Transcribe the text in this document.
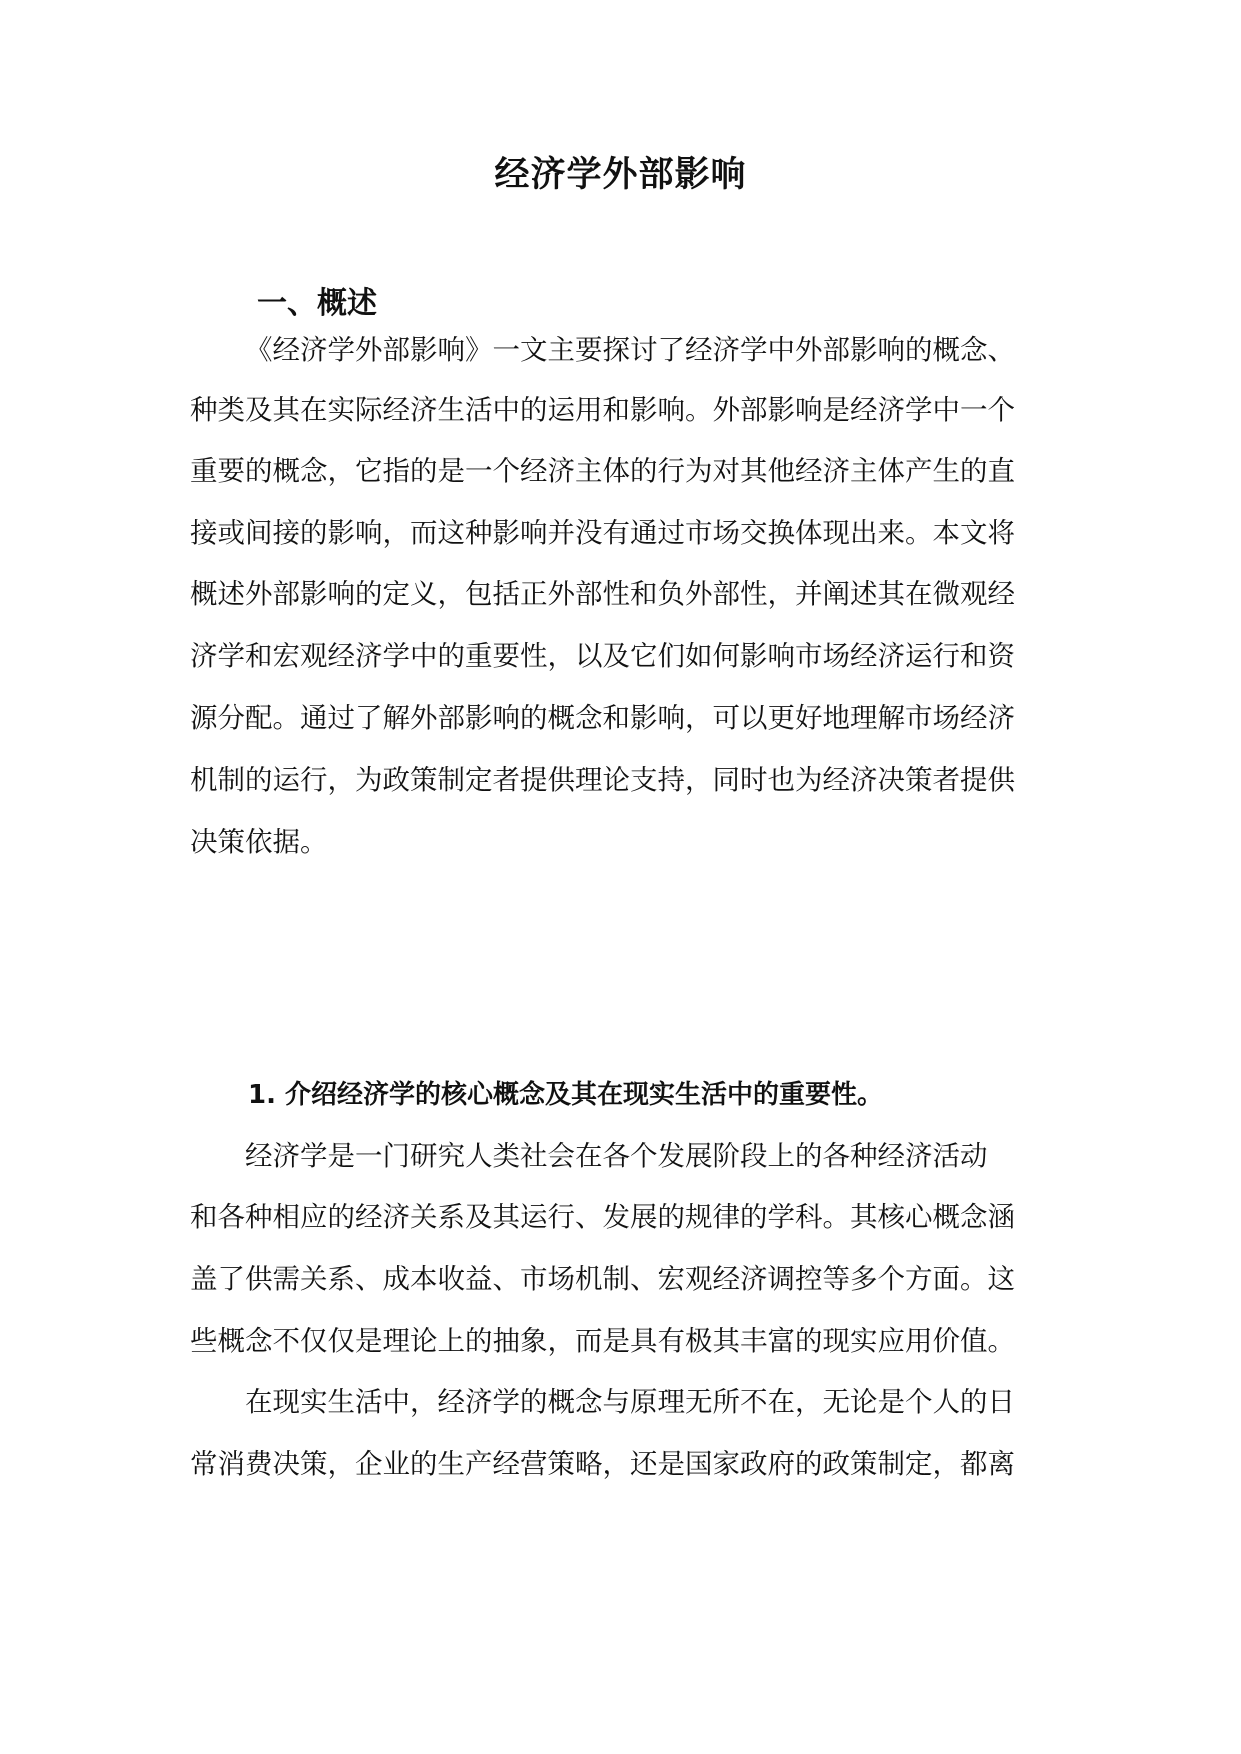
经济学外部影响
一、概述

《经济学外部影响》一文主要探讨了经济学中外部影响的概念、

种类及其在实际经济生活中的运用和影响。外部影响是经济学中一个

重要的概念，它指的是一个经济主体的行为对其他经济主体产生的直

接或间接的影响，而这种影响并没有通过市场交换体现出来。本文将

概述外部影响的定义，包括正外部性和负外部性，并阐述其在微观经

济学和宏观经济学中的重要性，以及它们如何影响市场经济运行和资

源分配。通过了解外部影响的概念和影响，可以更好地理解市场经济

机制的运行，为政策制定者提供理论支持，同时也为经济决策者提供

决策依据。

1. 介绍经济学的核心概念及其在现实生活中的重要性。

经济学是一门研究人类社会在各个发展阶段上的各种经济活动

和各种相应的经济关系及其运行、发展的规律的学科。其核心概念涵

盖了供需关系、成本收益、市场机制、宏观经济调控等多个方面。这

些概念不仅仅是理论上的抽象，而是具有极其丰富的现实应用价值。

在现实生活中，经济学的概念与原理无所不在，无论是个人的日

常消费决策，企业的生产经营策略，还是国家政府的政策制定，都离
